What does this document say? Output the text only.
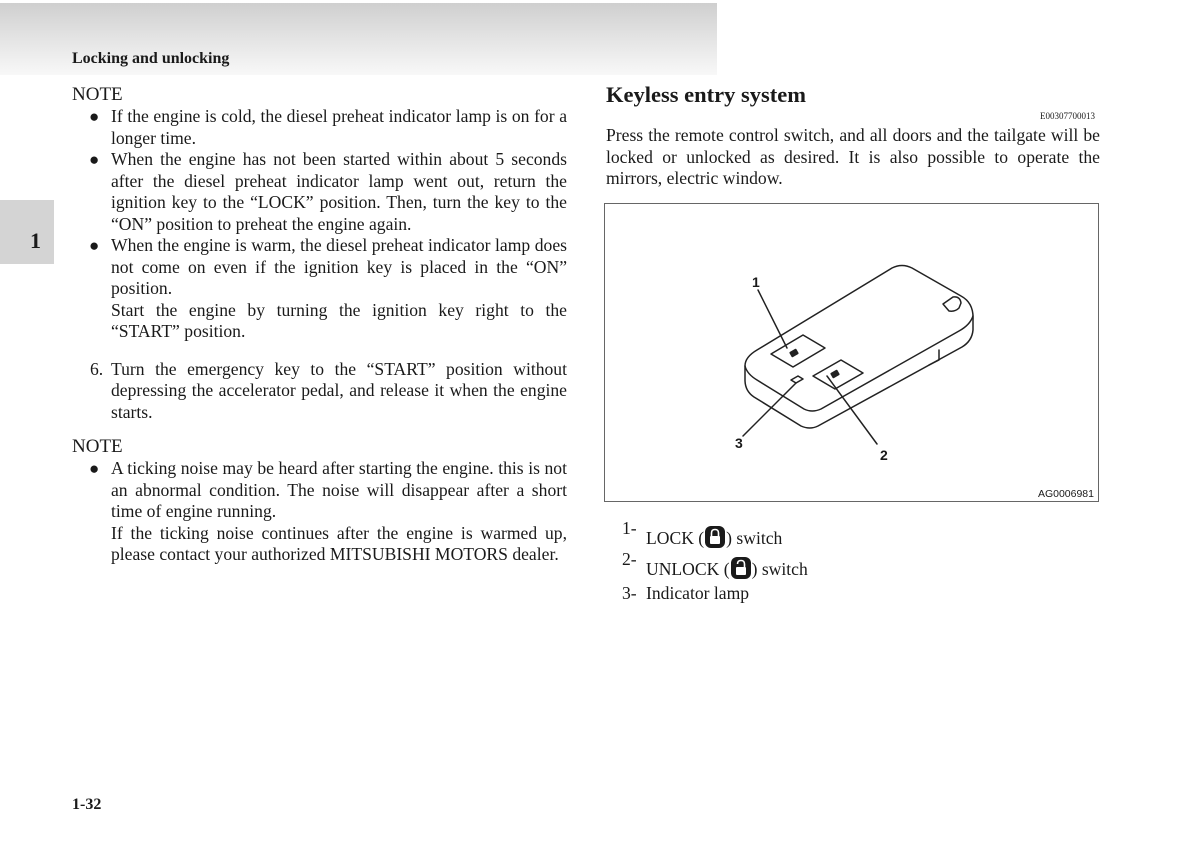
Locking and unlocking
1
NOTE
● If the engine is cold, the diesel preheat indicator lamp is on for a longer time.
● When the engine has not been started within about 5 seconds after the diesel preheat indicator lamp went out, return the ignition key to the “LOCK” position. Then, turn the key to the “ON” position to preheat the engine again.
● When the engine is warm, the diesel preheat indicator lamp does not come on even if the ignition key is placed in the “ON” position.
Start the engine by turning the ignition key right to the “START” position.
6. Turn the emergency key to the “START” position without depressing the accelerator pedal, and release it when the engine starts.
NOTE
● A ticking noise may be heard after starting the engine. this is not an abnormal condition. The noise will disappear after a short time of engine running.
If the ticking noise continues after the engine is warmed up, please contact your authorized MITSUBISHI MOTORS dealer.
Keyless entry system
E00307700013
Press the remote control switch, and all doors and the tailgate will be locked or unlocked as desired. It is also possible to operate the mirrors, electric window.
1
2
3
AG0006981
1- LOCK ( ) switch
2- UNLOCK ( ) switch
3- Indicator lamp
1-32
